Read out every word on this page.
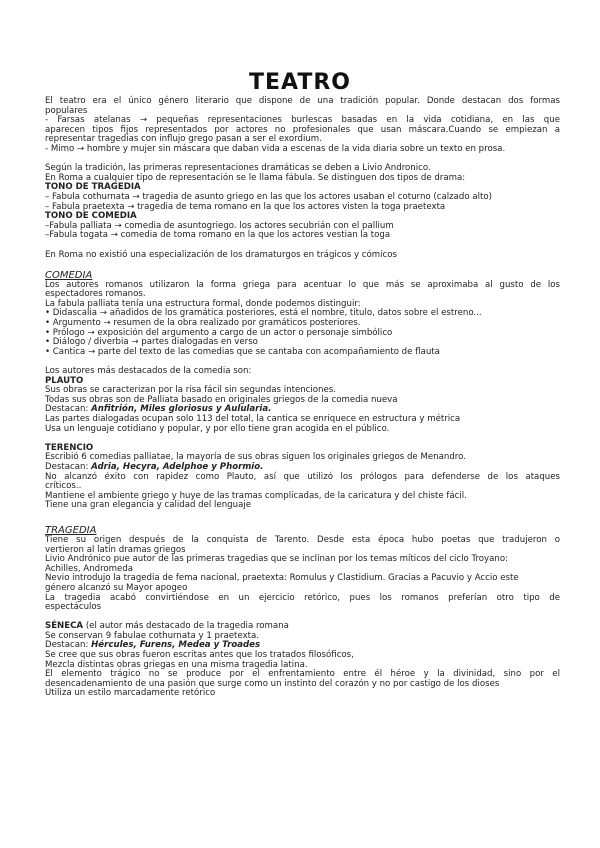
TEATRO

El teatro era el único género literario que dispone de una tradición popular. Donde destacan dos formas

populares

- Farsas atelanas → pequeñas representaciones burlescas basadas en la vida cotidiana, en las que

aparecen tipos fijos representados por actores no profesionales que usan máscara.Cuando se empiezan a

representar tragedias con influjo grego pasan a ser el exordium.

- Mimo → hombre y mujer sin máscara que daban vida a escenas de la vida diaria sobre un texto en prosa.

Según la tradición, las primeras representaciones dramáticas se deben a Livio Andronico.

En Roma a cualquier tipo de representación se le llama fábula. Se distinguen dos tipos de drama:

TONO DE TRAGEDIA

– Fabula cothurnata → tragedia de asunto griego en las que los actores usaban el coturno (calzado alto)

– Fabula praetexta → tragedia de tema romano en la que los actores visten la toga praetexta

TONO DE COMEDIA

–Fabula palliata → comedia de asuntogriego. los actores secubrián con el pallium

–Fabula togata → comedia de toma romano en la que los actores vestian la toga

En Roma no existió una especialización de los dramaturgos en trágicos y cómicos

COMEDIA

Los autores romanos utilizaron la forma griega para acentuar lo que más se aproximaba al gusto de los

espectadores romanos.

La fabula palliata tenía una estructura formal, donde podemos distinguir:

• Didascalia → añadidos de los gramática posteriores, está el nombre, titulo, datos sobre el estreno...

• Argumento → resumen de la obra realizado por gramáticos posteriores.

• Prólogo → exposición del argumento a cargo de un actor o personaje simbólico

• Diálogo / diverbia → partes dialogadas en verso

• Cantica → parte del texto de las comedias que se cantaba con acompañamiento de flauta

Los autores más destacados de la comedia son:

PLAUTO

Sus obras se caracterizan por la risa fácil sin segundas intenciones.

Todas sus obras son de Palliata basado en originales griegos de la comedia nueva

Destacan: Anfitrión, Miles gloriosus y Aulularia.

Las partes dialogadas ocupan solo 113 del total, la cantica se enriquece en estructura y métrica

Usa un lenguaje cotidiano y popular, y por ello tiene gran acogida en el público.

TERENCIO

Escribió 6 comedias palliatae, la mayoría de sus obras siguen los originales griegos de Menandro.

Destacan: Adria, Hecyra, Adelphoe y Phormio.

No alcanzó éxito con rapidez como Plauto, así que utilizó los prólogos para defenderse de los ataques

críticos..

Mantiene el ambiente griego y huye de las tramas complicadas, de la caricatura y del chiste fácil.

Tiene una gran elegancia y calidad del lenguaje

TRAGEDIA

Tiene su origen después de la conquista de Tarento. Desde esta época hubo poetas que tradujeron o

vertieron al latín dramas griegos

Livio Andrónico pue autor de las primeras tragedias que se inclinan por los temas míticos del ciclo Troyano:

Achilles, Andromeda

Nevio introdujo la tragedia de fema nacional, praetexta: Romulus y Clastidium. Gracias a Pacuvio y Accio este

género alcanzó su Mayor apogeo

La tragedia acabó convirtiéndose en un ejercicio retórico, pues los romanos preferían otro tipo de

espectáculos

SÉNECA (el autor más destacado de la tragedia romana

Se conservan 9 fabulae cothurnata y 1 praetexta.

Destacan: Hércules, Furens, Medea y Troades

Se cree que sus obras fueron escritas antes que los tratados filosóficos,

Mezcla distintas obras griegas en una misma tragedia latina.

El elemento trágico no se produce por el enfrentamiento entre él héroe y la divinidad, sino por el

desencadenamiento de una pasión que surge como un instinto del corazón y no por castigo de los dioses

Utiliza un estilo marcadamente retórico
